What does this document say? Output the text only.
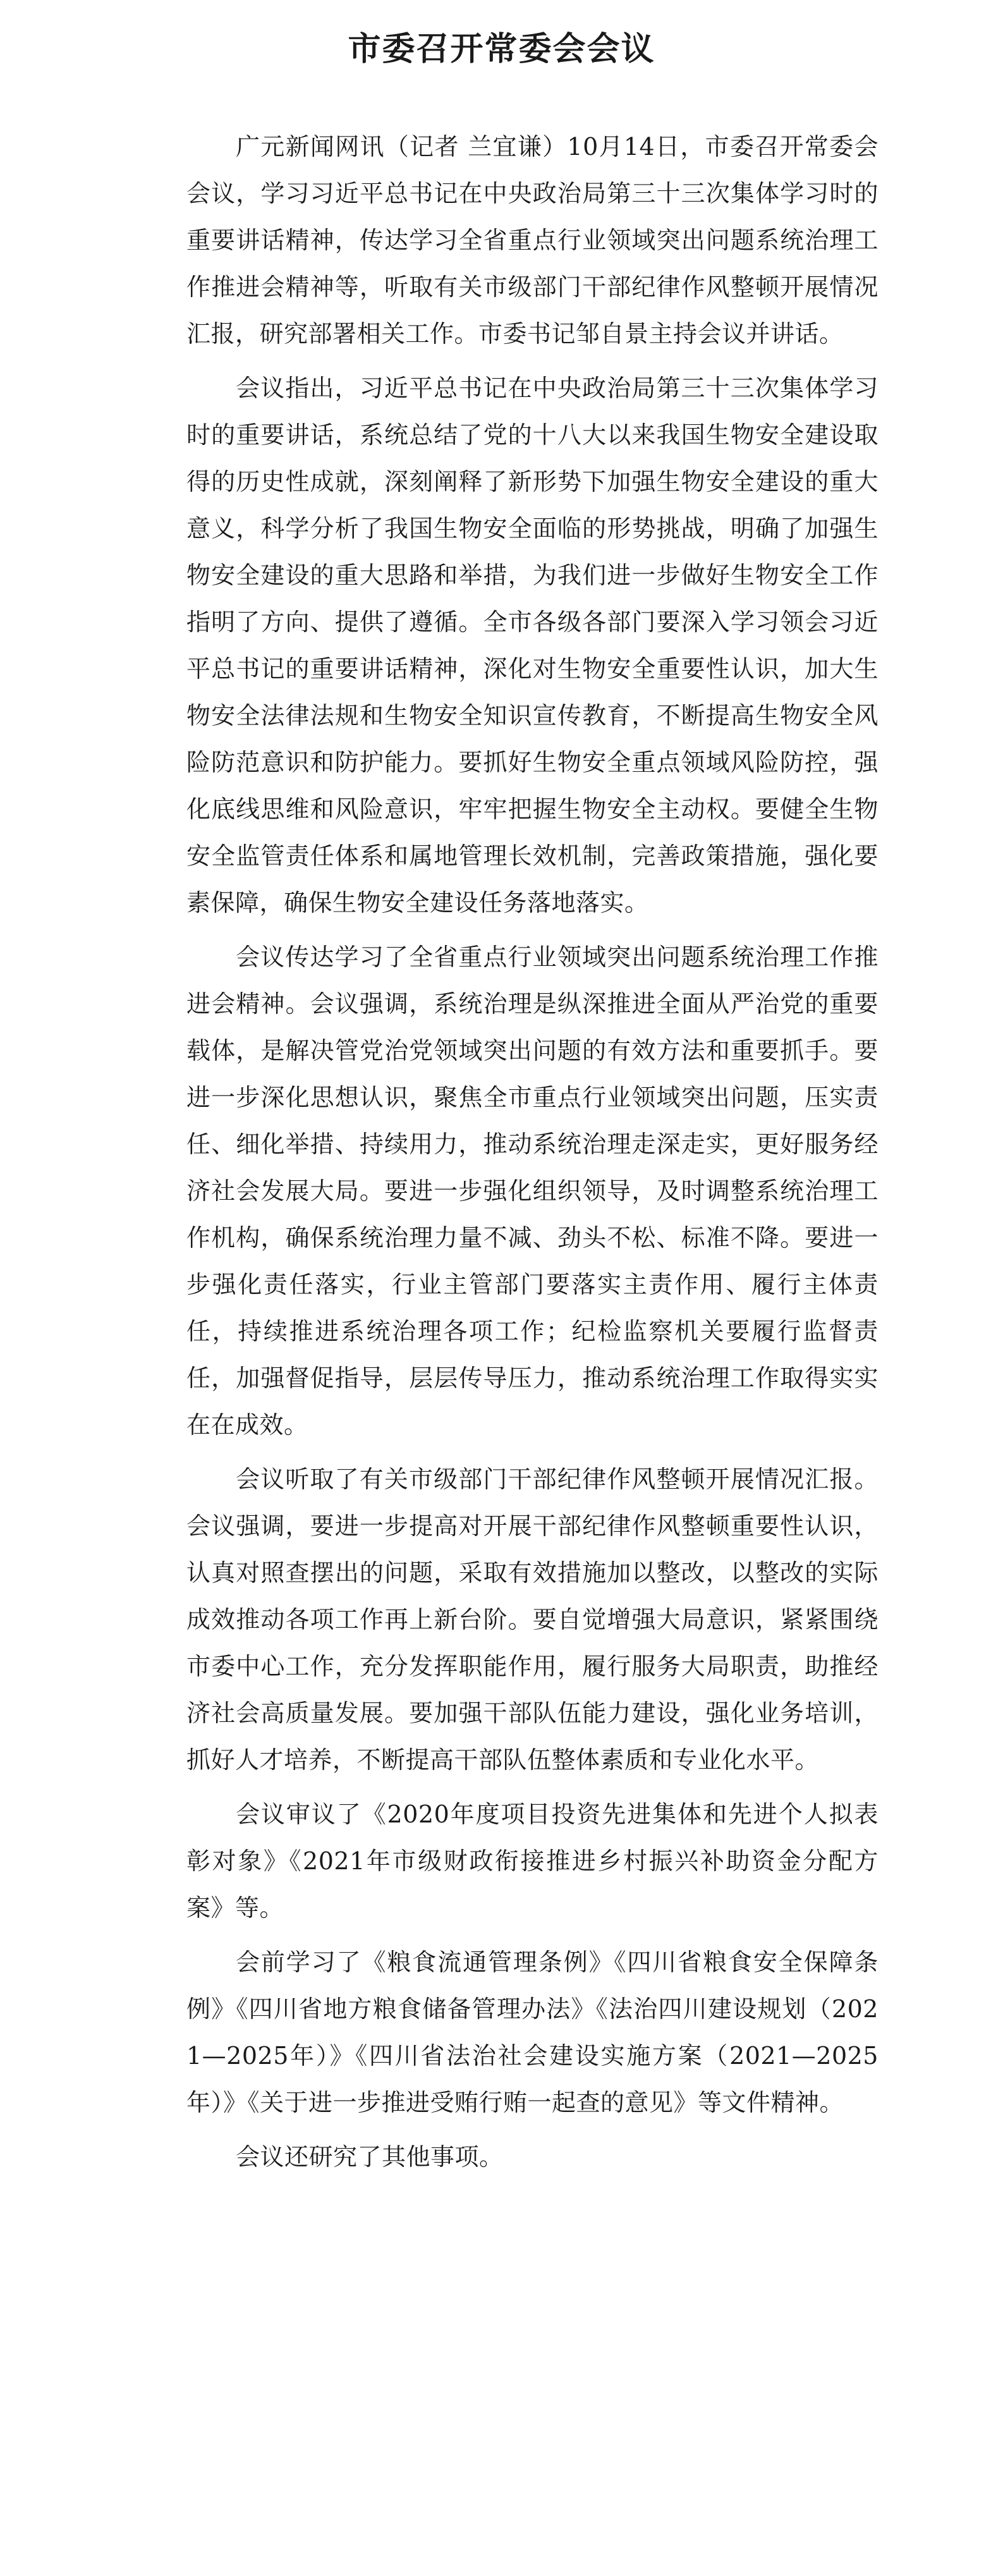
市委召开常委会会议

广元新闻网讯（记者 兰宜谦）10月14日，市委召开常委会会议，学习习近平总书记在中央政治局第三十三次集体学习时的重要讲话精神，传达学习全省重点行业领域突出问题系统治理工作推进会精神等，听取有关市级部门干部纪律作风整顿开展情况汇报，研究部署相关工作。市委书记邹自景主持会议并讲话。

会议指出，习近平总书记在中央政治局第三十三次集体学习时的重要讲话，系统总结了党的十八大以来我国生物安全建设取得的历史性成就，深刻阐释了新形势下加强生物安全建设的重大意义，科学分析了我国生物安全面临的形势挑战，明确了加强生物安全建设的重大思路和举措，为我们进一步做好生物安全工作指明了方向、提供了遵循。全市各级各部门要深入学习领会习近平总书记的重要讲话精神，深化对生物安全重要性认识，加大生物安全法律法规和生物安全知识宣传教育，不断提高生物安全风险防范意识和防护能力。要抓好生物安全重点领域风险防控，强化底线思维和风险意识，牢牢把握生物安全主动权。要健全生物安全监管责任体系和属地管理长效机制，完善政策措施，强化要素保障，确保生物安全建设任务落地落实。

会议传达学习了全省重点行业领域突出问题系统治理工作推进会精神。会议强调，系统治理是纵深推进全面从严治党的重要载体，是解决管党治党领域突出问题的有效方法和重要抓手。要进一步深化思想认识，聚焦全市重点行业领域突出问题，压实责任、细化举措、持续用力，推动系统治理走深走实，更好服务经济社会发展大局。要进一步强化组织领导，及时调整系统治理工作机构，确保系统治理力量不减、劲头不松、标准不降。要进一步强化责任落实，行业主管部门要落实主责作用、履行主体责任，持续推进系统治理各项工作；纪检监察机关要履行监督责任，加强督促指导，层层传导压力，推动系统治理工作取得实实在在成效。

会议听取了有关市级部门干部纪律作风整顿开展情况汇报。会议强调，要进一步提高对开展干部纪律作风整顿重要性认识，认真对照查摆出的问题，采取有效措施加以整改，以整改的实际成效推动各项工作再上新台阶。要自觉增强大局意识，紧紧围绕市委中心工作，充分发挥职能作用，履行服务大局职责，助推经济社会高质量发展。要加强干部队伍能力建设，强化业务培训，抓好人才培养，不断提高干部队伍整体素质和专业化水平。

会议审议了《2020年度项目投资先进集体和先进个人拟表彰对象》《2021年市级财政衔接推进乡村振兴补助资金分配方案》等。

会前学习了《粮食流通管理条例》《四川省粮食安全保障条例》《四川省地方粮食储备管理办法》《法治四川建设规划（2021—2025年）》《四川省法治社会建设实施方案（2021—2025年）》《关于进一步推进受贿行贿一起查的意见》等文件精神。

会议还研究了其他事项。
